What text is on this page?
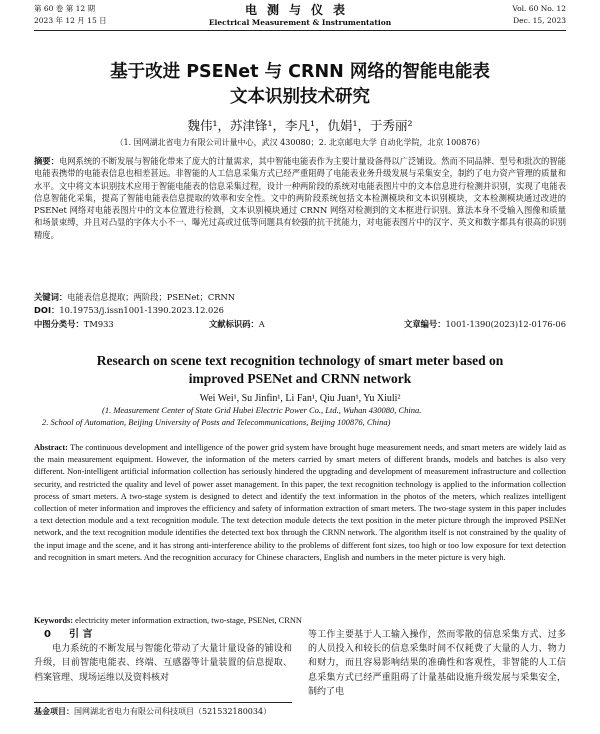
第 60 卷 第 12 期
2023 年 12 月 15 日
电测与仪表
Electrical Measurement & Instrumentation
Vol. 60 No. 12
Dec. 15, 2023
基于改进 PSENet 与 CRNN 网络的智能电能表
文本识别技术研究
魏伟¹，苏津锋¹，李凡¹，仇娟¹，于秀丽²
（1. 国网湖北省电力有限公司计量中心，武汉 430080；2. 北京邮电大学 自动化学院，北京 100876）
摘要：电网系统的不断发展与智能化带来了庞大的计量需求，其中智能电能表作为主要计量设备得以广泛铺设。然而不同品牌、型号和批次的智能电能表携带的电能表信息也相差甚远。非智能的人工信息采集方式已经严重阻碍了电能表业务升级发展与采集安全，制约了电力资产管理的质量和水平。文中将文本识别技术应用于智能电能表的信息采集过程，设计一种两阶段的系统对电能表图片中的文本信息进行检测并识别，实现了电能表信息智能化采集，提高了智能电能表信息提取的效率和安全性。文中的两阶段系统包括文本检测模块和文本识别模块，文本检测模块通过改进的 PSENet 网络对电能表图片中的文本位置进行检测，文本识别模块通过 CRNN 网络对检测到的文本框进行识别。算法本身不受输入图像和质量和场景束缚，并且对凸显的字体大小不一、曝光过高或过低等问题具有较强的抗干扰能力，对电能表图片中的汉字、英文和数字都具有很高的识别精度。
关键词：电能表信息提取；两阶段；PSENet；CRNN
DOI：10.19753/j.issn1001-1390.2023.12.026
中图分类号：TM933	文献标识码：A	文章编号：1001-1390(2023)12-0176-06
Research on scene text recognition technology of smart meter based on
improved PSENet and CRNN network
Wei Wei¹, Su Jinfin¹, Li Fan¹, Qiu Juan¹, Yu Xiuli²
(1. Measurement Center of State Grid Hubei Electric Power Co., Ltd., Wuhan 430080, China.
2. School of Automation, Beijing University of Posts and Telecommunications, Beijing 100876, China)
Abstract: The continuous development and intelligence of the power grid system have brought huge measurement needs, and smart meters are widely laid as the main measurement equipment. However, the information of the meters carried by smart meters of different brands, models and batches is also very different. Non-intelligent artificial information collection has seriously hindered the upgrading and development of measurement infrastructure and collection security, and restricted the quality and level of power asset management. In this paper, the text recognition technology is applied to the information collection process of smart meters. A two-stage system is designed to detect and identify the text information in the photos of the meters, which realizes intelligent collection of meter information and improves the efficiency and safety of information extraction of smart meters. The two-stage system in this paper includes a text detection module and a text recognition module. The text detection module detects the text position in the meter picture through the improved PSENet network, and the text recognition module identifies the detected text box through the CRNN network. The algorithm itself is not constrained by the quality of the input image and the scene, and it has strong anti-interference ability to the problems of different font sizes, too high or too low exposure for text detection and recognition in smart meters. And the recognition accuracy for Chinese characters, English and numbers in the meter picture is very high.
Keywords: electricity meter information extraction, two-stage, PSENet, CRNN
0 引 言
电力系统的不断发展与智能化带动了大量计量设备的铺设和升级，目前智能电能表、终端、互感器等计量装置的信息提取、档案管理、现场运维以及资料核对
等工作主要基于人工输入操作，然而零散的信息采集方式、过多的人员投入和较长的信息采集时间不仅耗费了大量的人力、物力和财力，而且容易影响结果的准确性和客观性，非智能的人工信息采集方式已经严重阻碍了计量基础设施升级发展与采集安全，制约了电
基金项目：国网湖北省电力有限公司科技项目（521532180034）
